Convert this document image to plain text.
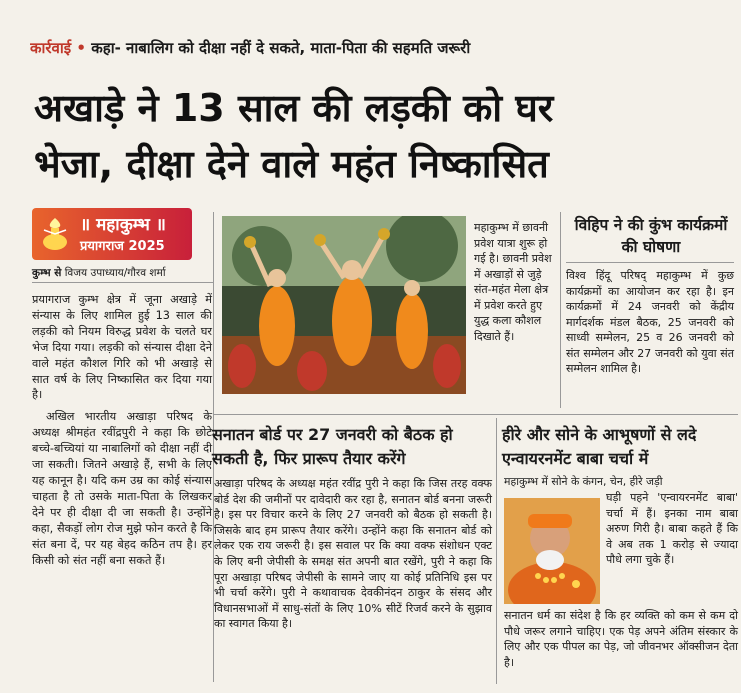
कार्रवाई • कहा- नाबालिग को दीक्षा नहीं दे सकते, माता-पिता की सहमति जरूरी
अखाड़े ने 13 साल की लड़की को घर
भेजा, दीक्षा देने वाले महंत निष्कासित
॥ महाकुम्भ ॥
प्रयागराज 2025
कुम्भ से विजय उपाध्याय/गौरव शर्मा

प्रयागराज कुम्भ क्षेत्र में जूना अखाड़े में संन्यास के लिए शामिल हुई 13 साल की लड़की को नियम विरुद्ध प्रवेश के चलते घर भेज दिया गया। लड़की को संन्यास दीक्षा देने वाले महंत कौशल गिरि को भी अखाड़े से सात वर्ष के लिए निष्कासित कर दिया गया है।

अखिल भारतीय अखाड़ा परिषद के अध्यक्ष श्रीमहंत रवींद्रपुरी ने कहा कि छोटे बच्चे-बच्चियां या नाबालिगों को दीक्षा नहीं दी जा सकती। जितने अखाड़े हैं, सभी के लिए यह कानून है। यदि कम उम्र का कोई संन्यास चाहता है तो उसके माता-पिता के लिखकर देने पर ही दीक्षा दी जा सकती है। उन्होंने कहा, सैकड़ों लोग रोज मुझे फोन करते है कि संत बना दें, पर यह बेहद कठिन तप है। हर किसी को संत नहीं बना सकते हैं।

महाकुम्भ में छावनी प्रवेश यात्रा शुरू हो गई है। छावनी प्रवेश में अखाड़ों से जुड़े संत-महंत मेला क्षेत्र में प्रवेश करते हुए युद्ध कला कौशल दिखाते हैं।
विहिप ने की कुंभ कार्यक्रमों की घोषणा
विश्व हिंदू परिषद् महाकुम्भ में कुछ कार्यक्रमों का आयोजन कर रहा है। इन कार्यक्रमों में 24 जनवरी को केंद्रीय मार्गदर्शक मंडल बैठक, 25 जनवरी को साध्वी सम्मेलन, 25 व 26 जनवरी को संत सम्मेलन और 27 जनवरी को युवा संत सम्मेलन शामिल है।
सनातन बोर्ड पर 27 जनवरी को बैठक हो सकती है, फिर प्रारूप तैयार करेंगे
अखाड़ा परिषद के अध्यक्ष महंत रवींद्र पुरी ने कहा कि जिस तरह वक्फ बोर्ड देश की जमीनों पर दावेदारी कर रहा है, सनातन बोर्ड बनना जरूरी है। इस पर विचार करने के लिए 27 जनवरी को बैठक हो सकती है। जिसके बाद हम प्रारूप तैयार करेंगे। उन्होंने कहा कि सनातन बोर्ड को लेकर एक राय जरूरी है। इस सवाल पर कि क्या वक्फ संशोधन एक्ट के लिए बनी जेपीसी के समक्ष संत अपनी बात रखेंगे, पुरी ने कहा कि पूरा अखाड़ा परिषद जेपीसी के सामने जाए या कोई प्रतिनिधि इस पर भी चर्चा करेंगे। पुरी ने कथावाचक देवकीनंदन ठाकुर के संसद और विधानसभाओं में साधु-संतों के लिए 10% सीटें रिजर्व करने के सुझाव का स्वागत किया है।
हीरे और सोने के आभूषणों से लदे एन्वायरनमेंट बाबा चर्चा में
महाकुम्भ में सोने के कंगन, चेन, हीरे जड़ी
घड़ी पहने 'एन्वायरनमेंट बाबा' चर्चा में हैं। इनका नाम बाबा अरुण गिरी है। बाबा कहते हैं कि वे अब तक 1 करोड़ से ज्यादा पौधे लगा चुके हैं।
सनातन धर्म का संदेश है कि हर व्यक्ति को कम से कम दो पौधे जरूर लगाने चाहिए। एक पेड़ अपने अंतिम संस्कार के लिए और एक पीपल का पेड़, जो जीवनभर ऑक्सीजन देता है।
